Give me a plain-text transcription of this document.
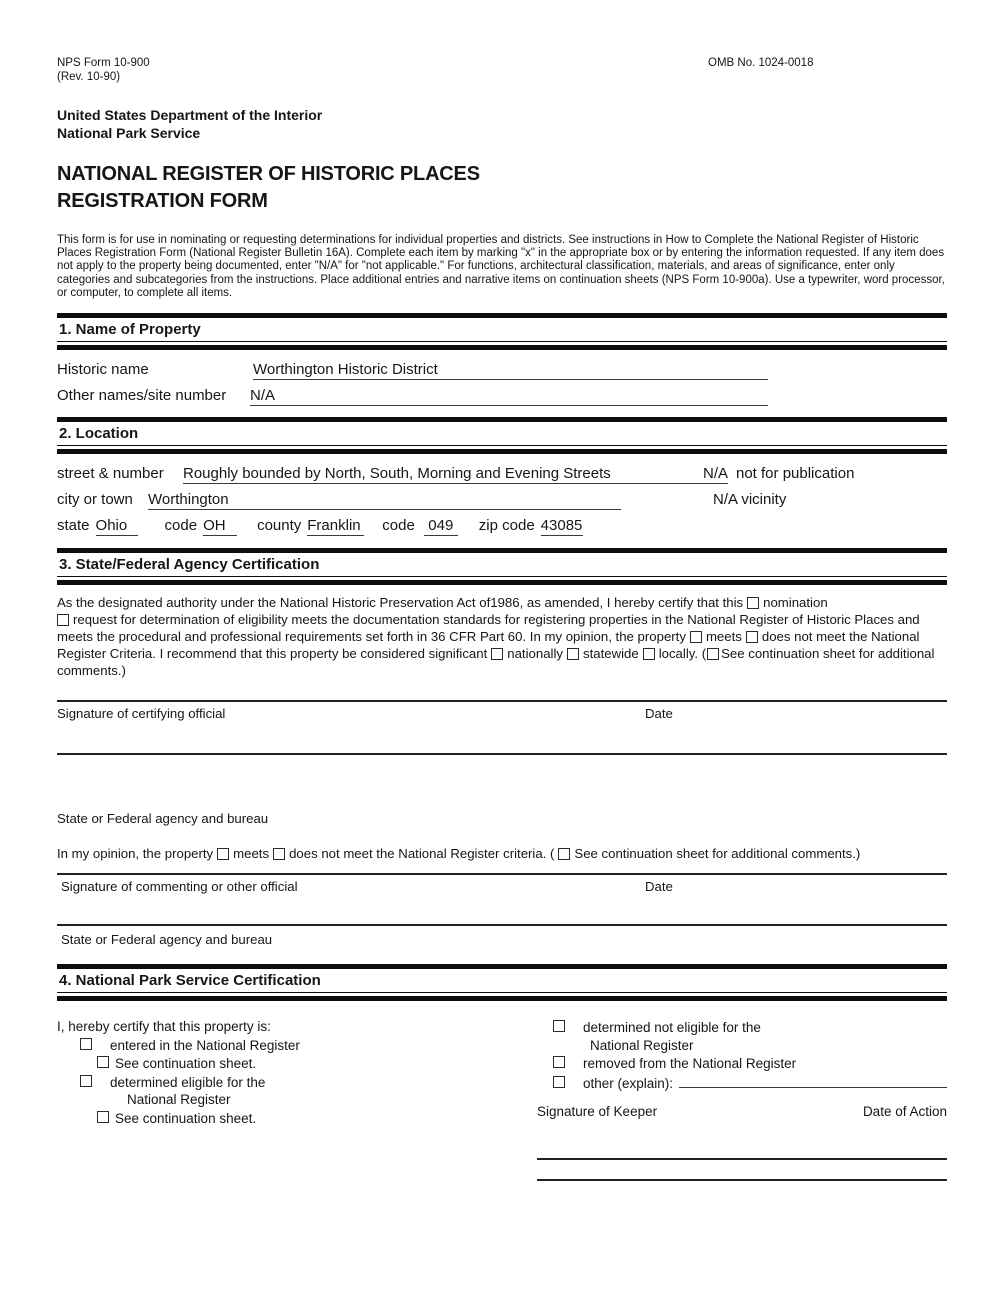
NPS Form 10-900
(Rev. 10-90)
OMB No. 1024-0018
United States Department of the Interior
National Park Service
NATIONAL REGISTER OF HISTORIC PLACES
REGISTRATION FORM

This form is for use in nominating or requesting determinations for individual properties and districts. See instructions in How to Complete the National Register of Historic Places Registration Form (National Register Bulletin 16A). Complete each item by marking "x" in the appropriate box or by entering the information requested. If any item does not apply to the property being documented, enter "N/A" for "not applicable." For functions, architectural classification, materials, and areas of significance, enter only categories and subcategories from the instructions. Place additional entries and narrative items on continuation sheets (NPS Form 10-900a). Use a typewriter, word processor, or computer, to complete all items.

1. Name of Property
Historic name	Worthington Historic District
Other names/site number	N/A
2. Location
street & number	Roughly bounded by North, South, Morning and Evening Streets	N/A not for publication
city or town	Worthington	N/A vicinity
state Ohio	code OH	county Franklin code 049 zip code 43085
3. State/Federal Agency Certification

As the designated authority under the National Historic Preservation Act of1986, as amended, I hereby certify that this nomination
request for determination of eligibility meets the documentation standards for registering properties in the National Register of Historic Places and meets the procedural and professional requirements set forth in 36 CFR Part 60. In my opinion, the property meets does not meet the National Register Criteria. I recommend that this property be considered significant nationally statewide locally. ( See continuation sheet for additional comments.)

Signature of certifying official	Date
State or Federal agency and bureau

In my opinion, the property meets does not meet the National Register criteria. ( See continuation sheet for additional comments.)

Signature of commenting or other official	Date
State or Federal agency and bureau
4. National Park Service Certification
I, hereby certify that this property is:
entered in the National Register
See continuation sheet.
determined eligible for the
National Register
See continuation sheet.
determined not eligible for the
National Register
removed from the National Register
other (explain):
Signature of Keeper	Date of Action
